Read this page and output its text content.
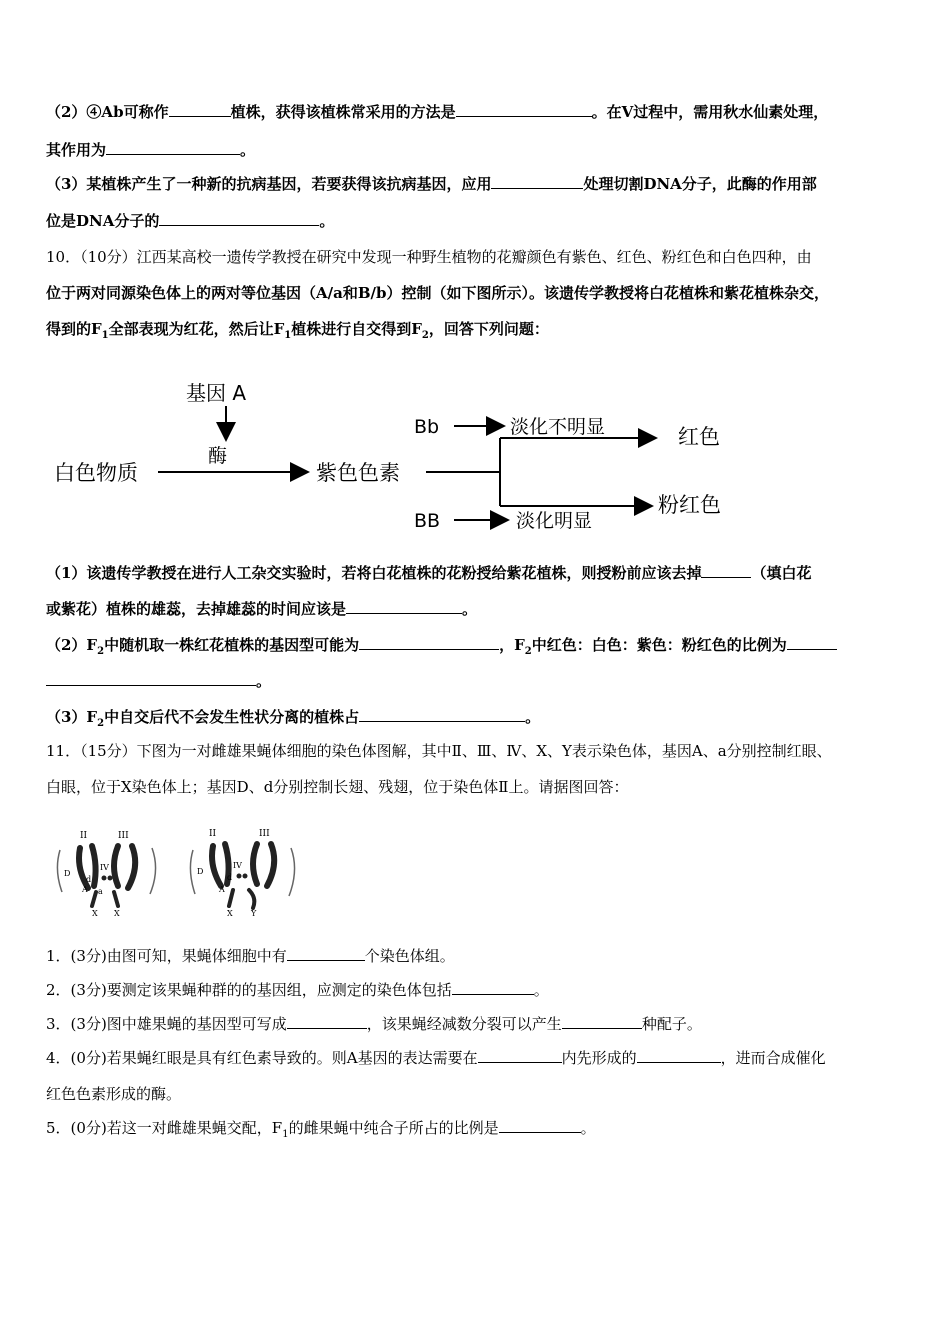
（2）④Ab可称作	植株，获得该植株常采用的方法是	。在V过程中，需用秋水仙素处理，
其作用为	。
（3）某植株产生了一种新的抗病基因，若要获得该抗病基因，应用	处理切割DNA分子，此酶的作用部
位是DNA分子的	。
10．（10分）江西某高校一遗传学教授在研究中发现一种野生植物的花瓣颜色有紫色、红色、粉红色和白色四种，由
位于两对同源染色体上的两对等位基因（A/a和B/b）控制（如下图所示）。该遗传学教授将白花植株和紫花植株杂交，
得到的$F_1$全部表现为红花，然后让$F_1$植株进行自交得到$F_2$，回答下列问题：
基因 A
酶
白色物质	紫色色素
Bb	淡化不明显	红色
BB	淡化明显
粉红色
（1）该遗传学教授在进行人工杂交实验时，若将白花植株的花粉授给紫花植株，则授粉前应该去掉	（填白花
或紫花）植株的雄蕊，去掉雄蕊的时间应该是	。
$(2)F_2$中随机取一株红花植株的基因型可能为	，$F_2$中红色：白色：紫色：粉红色的比例为
。
$(3)F_2$中自交后代不会发生性状分离的植株占	。
11．（15分）下图为一对雌雄果蝇体细胞的染色体图解，其中Ⅱ、Ⅲ、Ⅳ、X、Y表示染色体，基因A、a分别控制红眼、
白眼，位于X染色体上；基因D、d分别控制长翅、残翅，位于染色体Ⅱ上。请据图回答：
II	III
IV
D
d
A a
X X
II	III
IV
D
d
A
X Y
1．(3分)由图可知，果蝇体细胞中有	个染色体组。
2．(3分)要测定该果蝇种群的的基因组，应测定的染色体包括	。
3．(3分)图中雄果蝇的基因型可写成	，该果蝇经减数分裂可以产生	种配子。
4．(0分)若果蝇红眼是具有红色素导致的。则A基因的表达需要在	内先形成的	，进而合成催化
红色色素形成的酶。
5．(0分)若这一对雌雄果蝇交配，$F_1$的雌果蝇中纯合子所占的比例是	。
